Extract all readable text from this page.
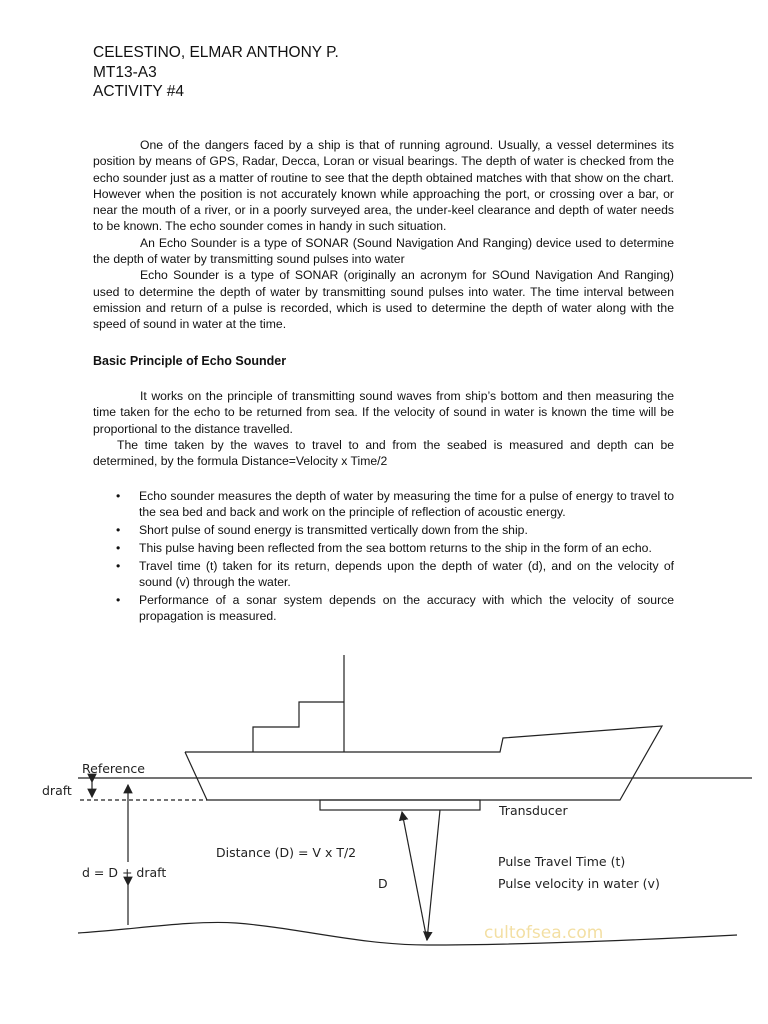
CELESTINO, ELMAR ANTHONY P.
MT13-A3
ACTIVITY #4

One of the dangers faced by a ship is that of running aground. Usually, a vessel determines its position by means of GPS, Radar, Decca, Loran or visual bearings. The depth of water is checked from the echo sounder just as a matter of routine to see that the depth obtained matches with that show on the chart. However when the position is not accurately known while approaching the port, or crossing over a bar, or near the mouth of a river, or in a poorly surveyed area, the under-keel clearance and depth of water needs to be known. The echo sounder comes in handy in such situation.

An Echo Sounder is a type of SONAR (Sound Navigation And Ranging) device used to determine the depth of water by transmitting sound pulses into water

Echo Sounder is a type of SONAR (originally an acronym for SOund Navigation And Ranging) used to determine the depth of water by transmitting sound pulses into water. The time interval between emission and return of a pulse is recorded, which is used to determine the depth of water along with the speed of sound in water at the time.

Basic Principle of Echo Sounder

It works on the principle of transmitting sound waves from ship’s bottom and then measuring the time taken for the echo to be returned from sea. If the velocity of sound in water is known the time will be proportional to the distance travelled.

The time taken by the waves to travel to and from the seabed is measured and depth can be determined, by the formula Distance=Velocity x Time/2

• Echo sounder measures the depth of water by measuring the time for a pulse of energy to travel to the sea bed and back and work on the principle of reflection of acoustic energy.
• Short pulse of sound energy is transmitted vertically down from the ship.
• This pulse having been reflected from the sea bottom returns to the ship in the form of an echo.
• Travel time (t) taken for its return, depends upon the depth of water (d), and on the velocity of sound (v) through the water.
• Performance of a sonar system depends on the accuracy with which the velocity of source propagation is measured.
Reference
draft
Transducer
Distance (D) = V x T/2
d = D + draft
D
Pulse Travel Time (t)
Pulse velocity in water (v)
cultofsea.com
